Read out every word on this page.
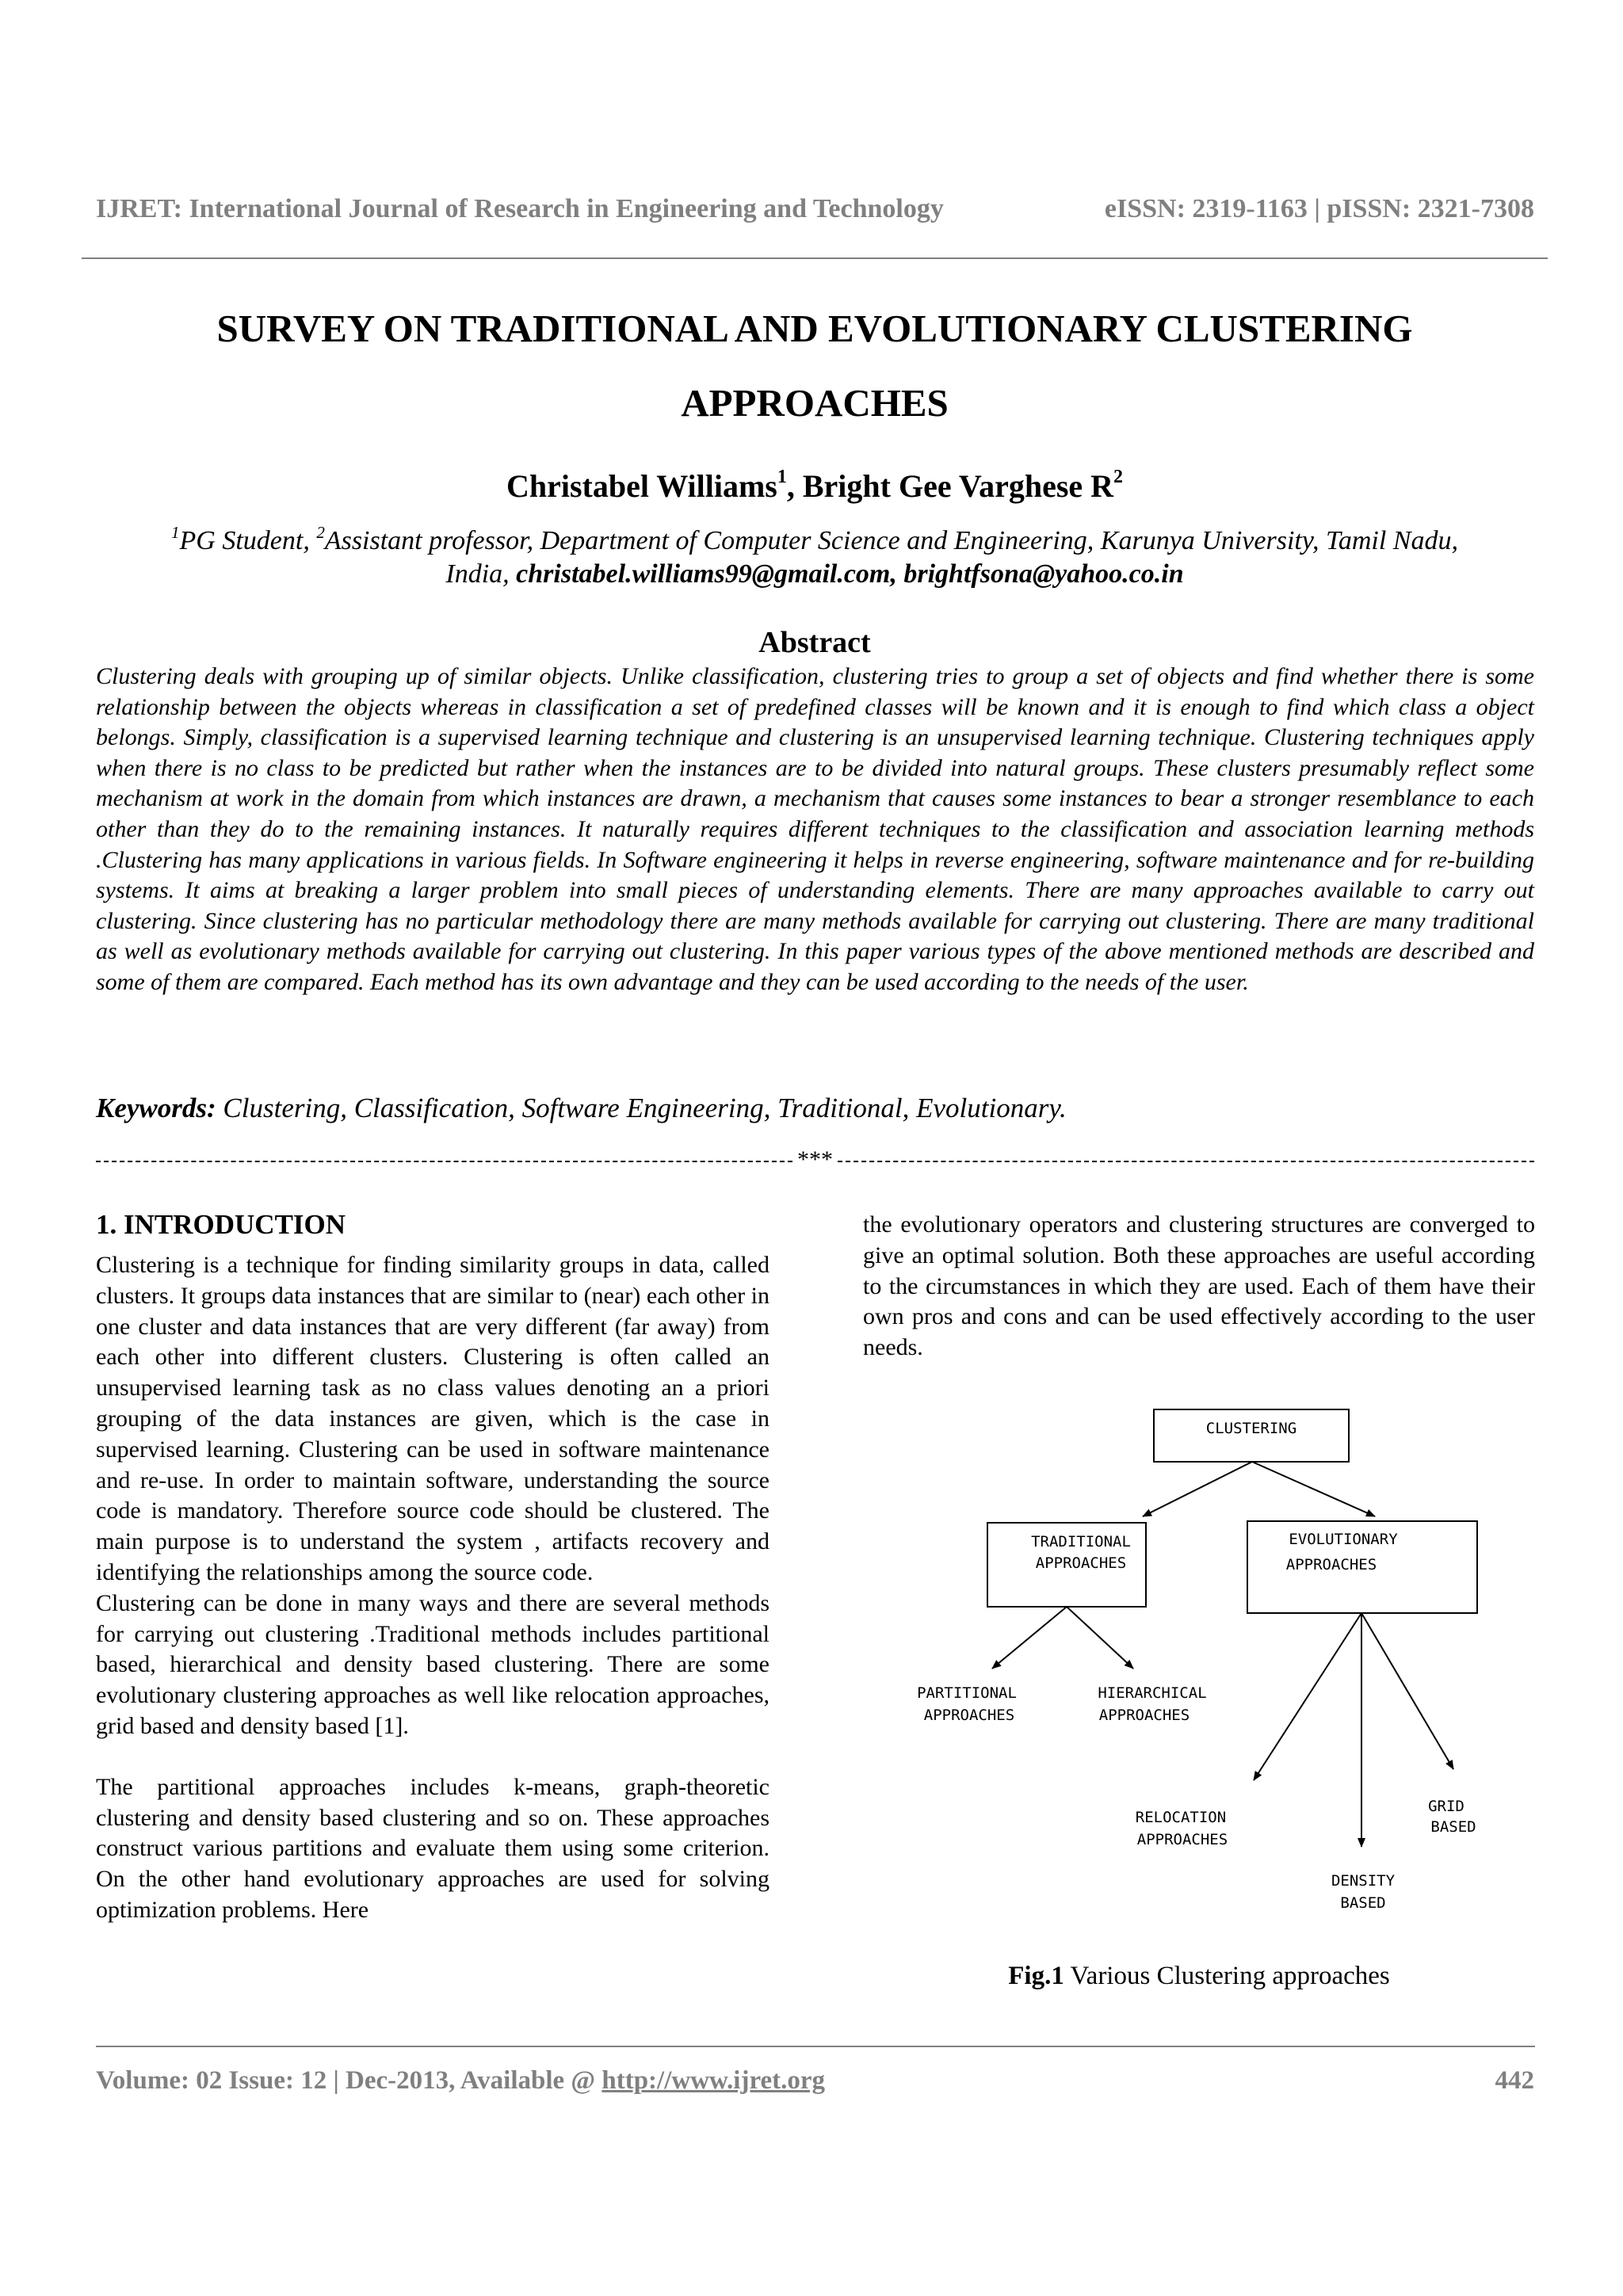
IJRET: International Journal of Research in Engineering and Technology	eISSN: 2319-1163 | pISSN: 2321-7308
SURVEY ON TRADITIONAL AND EVOLUTIONARY CLUSTERING
APPROACHES
Christabel Williams$^1$, Bright Gee Varghese $R^2$
$^1$PG Student, $^2$Assistant professor, Department of Computer Science and Engineering, Karunya University, Tamil Nadu,
India, christabel.williams99@gmail.com, brightfsona@yahoo.co.in
Abstract
Clustering deals with grouping up of similar objects. Unlike classification, clustering tries to group a set of objects and find whether there is some relationship between the objects whereas in classification a set of predefined classes will be known and it is enough to find which class a object belongs. Simply, classification is a supervised learning technique and clustering is an unsupervised learning technique. Clustering techniques apply when there is no class to be predicted but rather when the instances are to be divided into natural groups. These clusters presumably reflect some mechanism at work in the domain from which instances are drawn, a mechanism that causes some instances to bear a stronger resemblance to each other than they do to the remaining instances. It naturally requires different techniques to the classification and association learning methods .Clustering has many applications in various fields. In Software engineering it helps in reverse engineering, software maintenance and for re-building systems. It aims at breaking a larger problem into small pieces of understanding elements. There are many approaches available to carry out clustering. Since clustering has no particular methodology there are many methods available for carrying out clustering. There are many traditional as well as evolutionary methods available for carrying out clustering. In this paper various types of the above mentioned methods are described and some of them are compared. Each method has its own advantage and they can be used according to the needs of the user.
Keywords: Clustering, Classification, Software Engineering, Traditional, Evolutionary.
***
1. INTRODUCTION

Clustering is a technique for finding similarity groups in data, called clusters. It groups data instances that are similar to (near) each other in one cluster and data instances that are very different (far away) from each other into different clusters. Clustering is often called an unsupervised learning task as no class values denoting an a priori grouping of the data instances are given, which is the case in supervised learning. Clustering can be used in software maintenance and re-use. In order to maintain software, understanding the source code is mandatory. Therefore source code should be clustered. The main purpose is to understand the system , artifacts recovery and identifying the relationships among the source code.

Clustering can be done in many ways and there are several methods for carrying out clustering .Traditional methods includes partitional based, hierarchical and density based clustering. There are some evolutionary clustering approaches as well like relocation approaches, grid based and density based [1].

The partitional approaches includes k-means, graph-theoretic clustering and density based clustering and so on. These approaches construct various partitions and evaluate them using some criterion. On the other hand evolutionary approaches are used for solving optimization problems. Here

the evolutionary operators and clustering structures are converged to give an optimal solution. Both these approaches are useful according to the circumstances in which they are used. Each of them have their own pros and cons and can be used effectively according to the user needs.

CLUSTERING
TRADITIONAL
APPROACHES
EVOLUTIONARY
APPROACHES
PARTITIONAL
APPROACHES
HIERARCHICAL
APPROACHES
RELOCATION
APPROACHES
GRID
BASED
DENSITY
BASED
Fig.1 Various Clustering approaches
Volume: 02 Issue: 12 | Dec-2013, Available @ http://www.ijret.org	442
